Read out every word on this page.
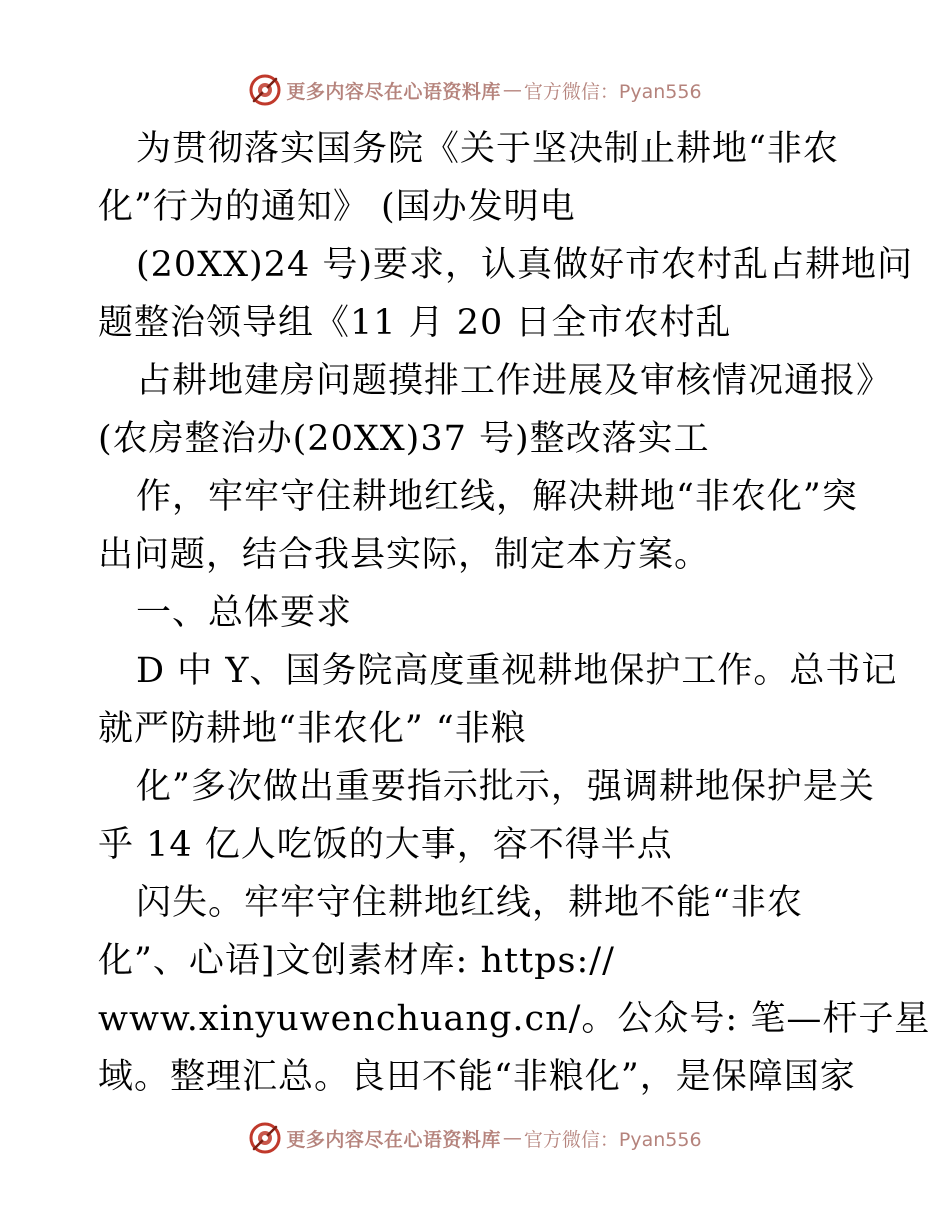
更多内容尽在心语资料库 — 官方微信：Pyan556
为贯彻落实国务院《关于坚决制止耕地“非农
化”行为的通知》 (国办发明电
(20XX)24 号)要求，认真做好市农村乱占耕地问
题整治领导组《11 月 20 日全市农村乱
占耕地建房问题摸排工作进展及审核情况通报》
(农房整治办(20XX)37 号)整改落实工
作，牢牢守住耕地红线，解决耕地“非农化”突
出问题，结合我县实际，制定本方案。
一、总体要求
D 中 Y、国务院高度重视耕地保护工作。总书记
就严防耕地“非农化” “非粮
化”多次做出重要指示批示，强调耕地保护是关
乎 14 亿人吃饭的大事，容不得半点
闪失。牢牢守住耕地红线，耕地不能“非农
化”、心语]文创素材库: https://
www.xinyuwenchuang.cn/。公众号: 笔—杆子星
域。整理汇总。良田不能“非粮化”，是保障国家
更多内容尽在心语资料库 — 官方微信：Pyan556
